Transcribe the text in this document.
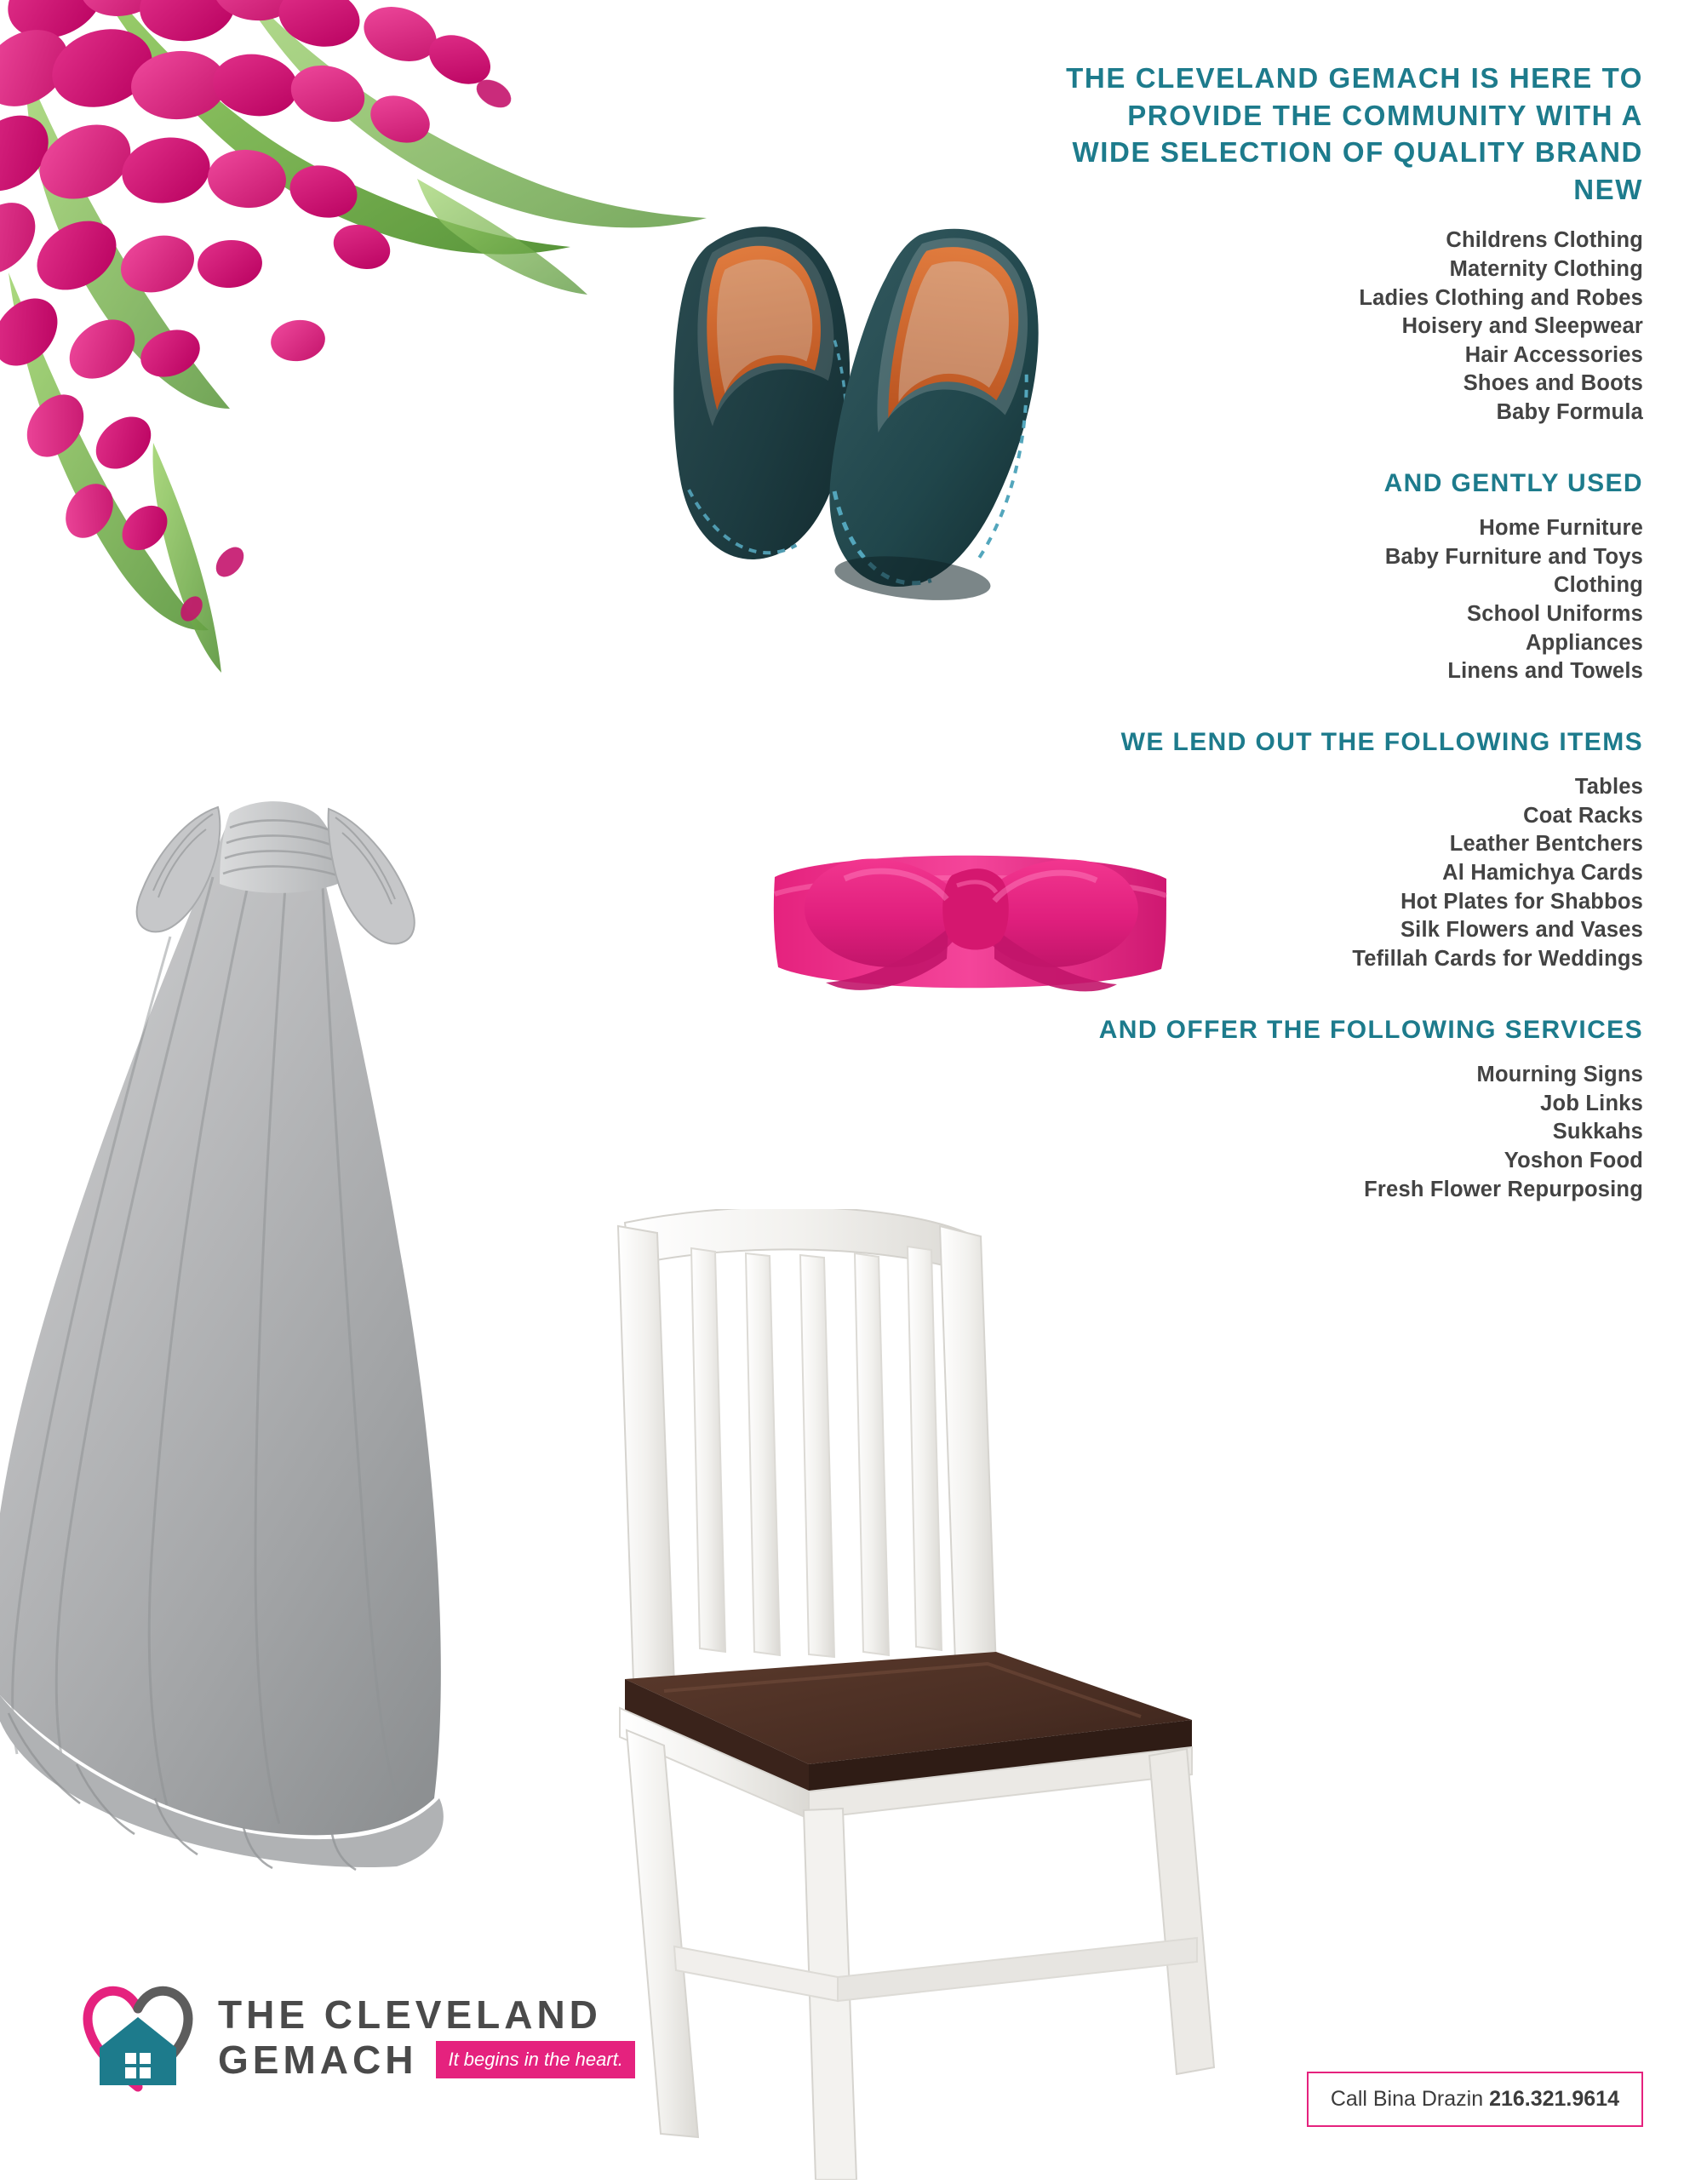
THE CLEVELAND GEMACH IS HERE TO PROVIDE THE COMMUNITY WITH A WIDE SELECTION OF QUALITY BRAND NEW
Childrens Clothing
Maternity Clothing
Ladies Clothing and Robes
Hoisery and Sleepwear
Hair Accessories
Shoes and Boots
Baby Formula
AND GENTLY USED
Home Furniture
Baby Furniture and Toys
Clothing
School Uniforms
Appliances
Linens and Towels
WE LEND OUT THE FOLLOWING ITEMS
Tables
Coat Racks
Leather Bentchers
Al Hamichya Cards
Hot Plates for Shabbos
Silk Flowers and Vases
Tefillah Cards for Weddings
AND OFFER THE FOLLOWING SERVICES
Mourning Signs
Job Links
Sukkahs
Yoshon Food
Fresh Flower Repurposing
THE CLEVELAND
GEMACH	It begins in the heart.
Call Bina Drazin 216.321.9614
